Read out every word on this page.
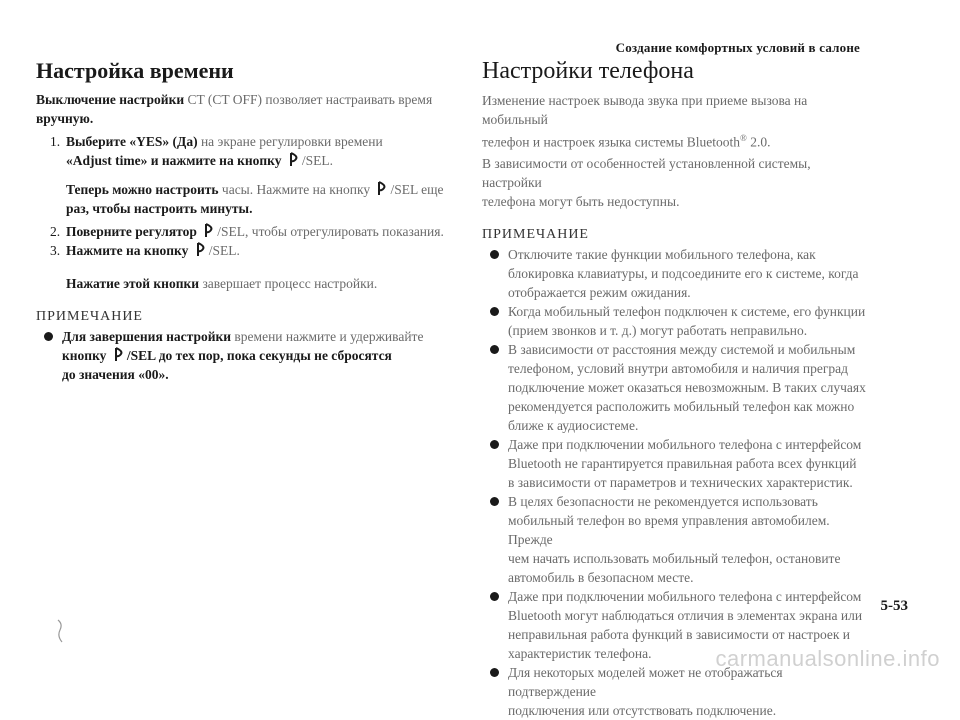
Создание комфортных условий в салоне
Настройка времени

Выключение настройки CT (CT OFF) позволяет настраивать время
вручную.

1. Выберите «YES» (Да) на экране регулировки времени
«Adjust time» и нажмите на кнопку /SEL.

Теперь можно настроить часы. Нажмите на кнопку /SEL еще
раз, чтобы настроить минуты.

2. Поверните регулятор /SEL, чтобы отрегулировать показания.
3. Нажмите на кнопку /SEL.

Нажатие этой кнопки завершает процесс настройки.

ПРИМЕЧАНИЕ
Для завершения настройки времени нажмите и удерживайте
кнопку /SEL до тех пор, пока секунды не сбросятся
до значения «00».
Настройки телефона

Изменение настроек вывода звука при приеме вызова на мобильный
телефон и настроек языка системы Bluetooth® 2.0.

В зависимости от особенностей установленной системы, настройки
телефона могут быть недоступны.

ПРИМЕЧАНИЕ
Отключите такие функции мобильного телефона, как
блокировка клавиатуры, и подсоедините его к системе, когда
отображается режим ожидания.
Когда мобильный телефон подключен к системе, его функции
(прием звонков и т. д.) могут работать неправильно.
В зависимости от расстояния между системой и мобильным
телефоном, условий внутри автомобиля и наличия преград
подключение может оказаться невозможным. В таких случаях
рекомендуется расположить мобильный телефон как можно
ближе к аудиосистеме.
Даже при подключении мобильного телефона с интерфейсом
Bluetooth не гарантируется правильная работа всех функций
в зависимости от параметров и технических характеристик.
В целях безопасности не рекомендуется использовать
мобильный телефон во время управления автомобилем. Прежде
чем начать использовать мобильный телефон, остановите
автомобиль в безопасном месте.
Даже при подключении мобильного телефона с интерфейсом
Bluetooth могут наблюдаться отличия в элементах экрана или
неправильная работа функций в зависимости от настроек и
характеристик телефона.
Для некоторых моделей может не отображаться подтверждение
подключения или отсутствовать подключение.
5-53
carmanualsonline.info
